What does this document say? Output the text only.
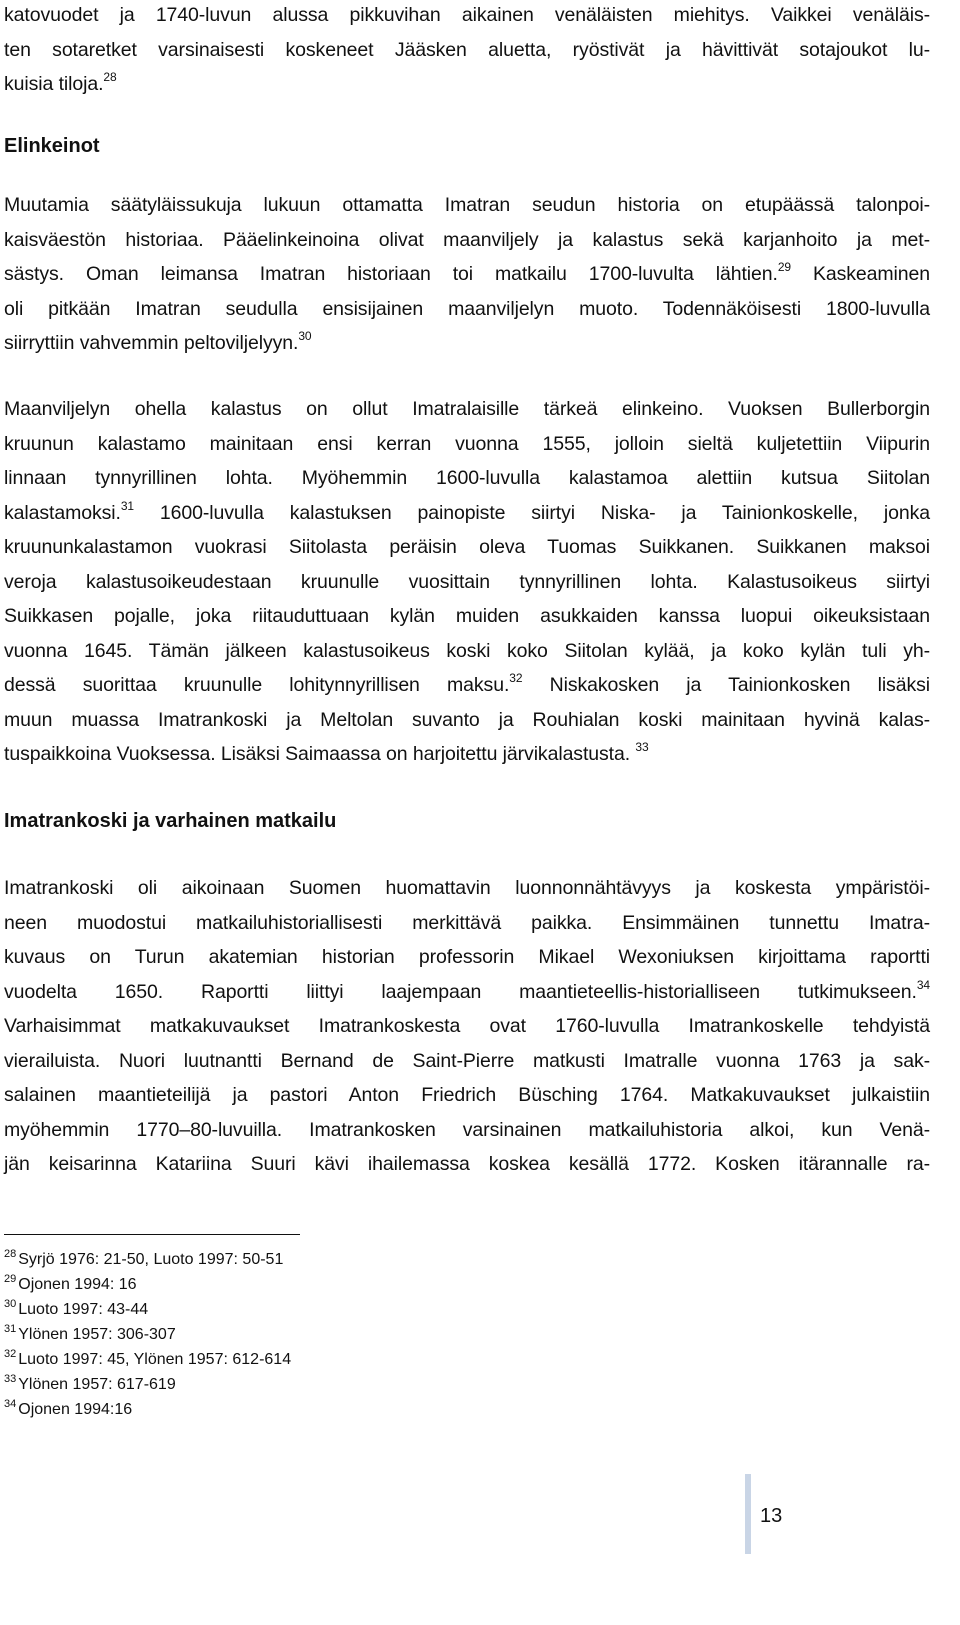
katovuodet ja 1740-luvun alussa pikkuvihan aikainen venäläisten miehitys. Vaikkei venäläis-
ten sotaretket varsinaisesti koskeneet Jääsken aluetta, ryöstivät ja hävittivät sotajoukot lu-
kuisia tiloja.$^{28}$
Elinkeinot
Muutamia säätyläissukuja lukuun ottamatta Imatran seudun historia on etupäässä talonpoi-
kaisväestön historiaa. Pääelinkeinoina olivat maanviljely ja kalastus sekä karjanhoito ja met-
sästys. Oman leimansa Imatran historiaan toi matkailu 1700-luvulta lähtien.$^{29}$ Kaskeaminen
oli pitkään Imatran seudulla ensisijainen maanviljelyn muoto. Todennäköisesti 1800-luvulla
siirryttiin vahvemmin peltoviljelyyn.$^{30}$
Maanviljelyn ohella kalastus on ollut Imatralaisille tärkeä elinkeino. Vuoksen Bullerborgin
kruunun kalastamo mainitaan ensi kerran vuonna 1555, jolloin sieltä kuljetettiin Viipurin
linnaan tynnyrillinen lohta. Myöhemmin 1600-luvulla kalastamoa alettiin kutsua Siitolan
kalastamoksi.$^{31}$ 1600-luvulla kalastuksen painopiste siirtyi Niska- ja Tainionkoskelle, jonka
kruununkalastamon vuokrasi Siitolasta peräisin oleva Tuomas Suikkanen. Suikkanen maksoi
veroja kalastusoikeudestaan kruunulle vuosittain tynnyrillinen lohta. Kalastusoikeus siirtyi
Suikkasen pojalle, joka riitauduttuaan kylän muiden asukkaiden kanssa luopui oikeuksistaan
vuonna 1645. Tämän jälkeen kalastusoikeus koski koko Siitolan kylää, ja koko kylän tuli yh-
dessä suorittaa kruunulle lohitynnyrillisen maksu.$^{32}$ Niskakosken ja Tainionkosken lisäksi
muun muassa Imatrankoski ja Meltolan suvanto ja Rouhialan koski mainitaan hyvinä kalas-
tuspaikkoina Vuoksessa. Lisäksi Saimaassa on harjoitettu järvikalastusta. $^{33}$
Imatrankoski ja varhainen matkailu
Imatrankoski oli aikoinaan Suomen huomattavin luonnonnähtävyys ja koskesta ympäristöi-
neen muodostui matkailuhistoriallisesti merkittävä paikka. Ensimmäinen tunnettu Imatra-
kuvaus on Turun akatemian historian professorin Mikael Wexoniuksen kirjoittama raportti
vuodelta 1650. Raportti liittyi laajempaan maantieteellis-historialliseen tutkimukseen.$^{34}$
Varhaisimmat matkakuvaukset Imatrankoskesta ovat 1760-luvulla Imatrankoskelle tehdyistä
vierailuista. Nuori luutnantti Bernand de Saint-Pierre matkusti Imatralle vuonna 1763 ja sak-
salainen maantieteilijä ja pastori Anton Friedrich Büsching 1764. Matkakuvaukset julkaistiin
myöhemmin 1770–80-luvuilla. Imatrankosken varsinainen matkailuhistoria alkoi, kun Venä-
jän keisarinna Katariina Suuri kävi ihailemassa koskea kesällä 1772. Kosken itärannalle ra-
$^{28}$ Syrjö 1976: 21-50, Luoto 1997: 50-51
$^{29}$ Ojonen 1994: 16
$^{30}$ Luoto 1997: 43-44
$^{31}$ Ylönen 1957: 306-307
$^{32}$ Luoto 1997: 45, Ylönen 1957: 612-614
$^{33}$ Ylönen 1957: 617-619
$^{34}$ Ojonen 1994:16
13
